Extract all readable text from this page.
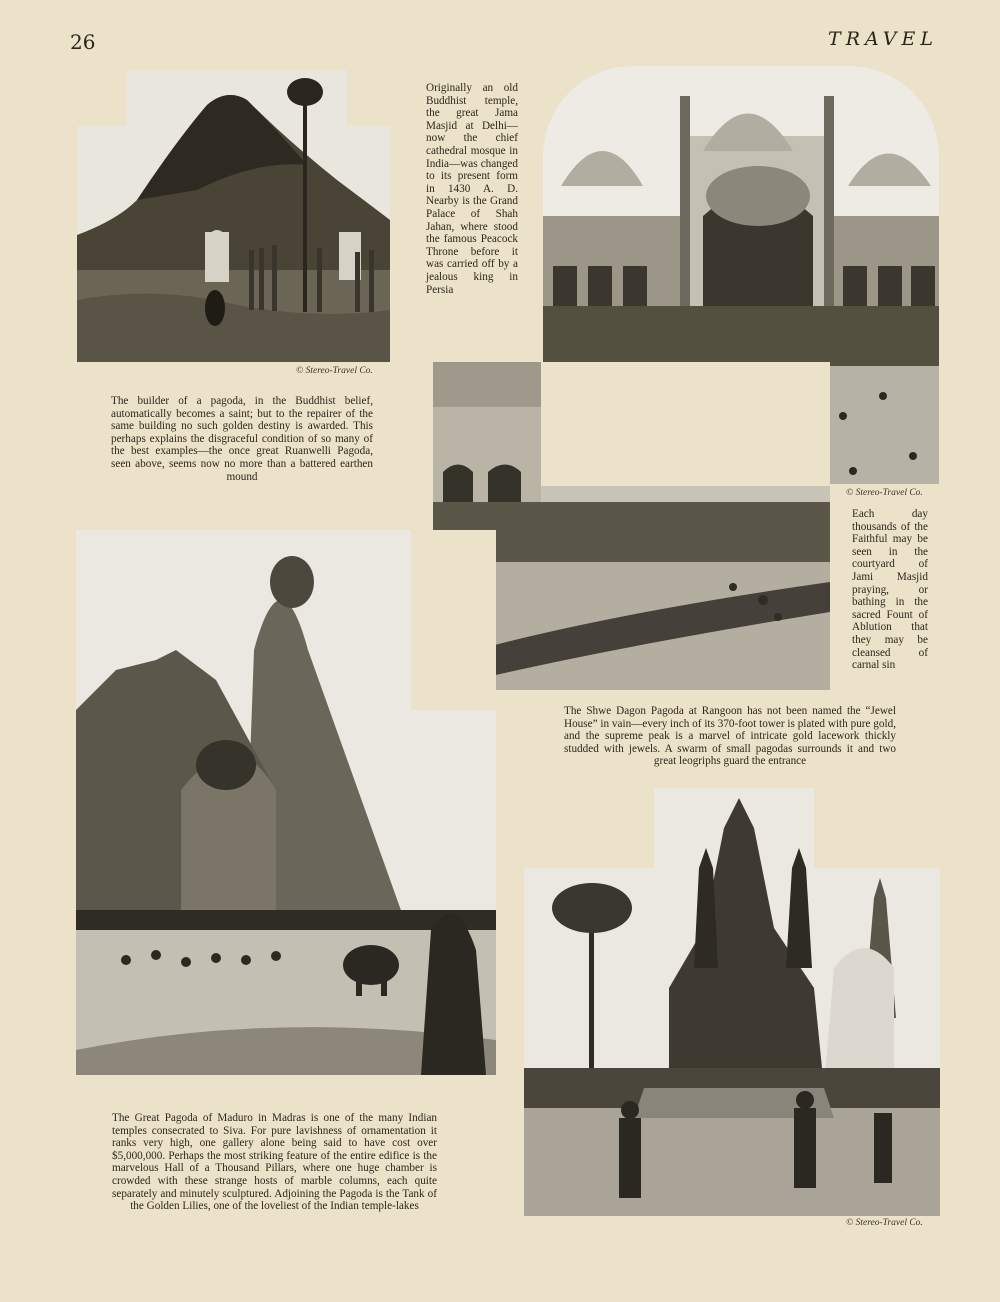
26	TRAVEL
© Stereo-Travel Co.
The builder of a pagoda, in the Buddhist belief, automatically becomes a saint; but to the repairer of the same building no such golden destiny is awarded. This perhaps explains the disgraceful condition of so many of the best examples—the once great Ruanwelli Pagoda, seen above, seems now no more than a battered earthen mound
Originally an old Buddhist temple, the great Jama Masjid at Delhi—now the chief cathedral mosque in India—was changed to its present form in 1430 A. D. Nearby is the Grand Palace of Shah Jahan, where stood the famous Peacock Throne before it was carried off by a jealous king in Persia
© Stereo-Travel Co.
Each day thousands of the Faithful may be seen in the courtyard of Jami Masjid praying, or bathing in the sacred Fount of Ablution that they may be cleansed of carnal sin
The Great Pagoda of Maduro in Madras is one of the many Indian temples consecrated to Siva. For pure lavishness of ornamentation it ranks very high, one gallery alone being said to have cost over $5,000,000. Perhaps the most striking feature of the entire edifice is the marvelous Hall of a Thousand Pillars, where one huge chamber is crowded with these strange hosts of marble columns, each quite separately and minutely sculptured. Adjoining the Pagoda is the Tank of the Golden Lilies, one of the loveliest of the Indian temple-lakes
The Shwe Dagon Pagoda at Rangoon has not been named the “Jewel House” in vain—every inch of its 370-foot tower is plated with pure gold, and the supreme peak is a marvel of intricate gold lacework thickly studded with jewels. A swarm of small pagodas surrounds it and two great leogriphs guard the entrance
© Stereo-Travel Co.
